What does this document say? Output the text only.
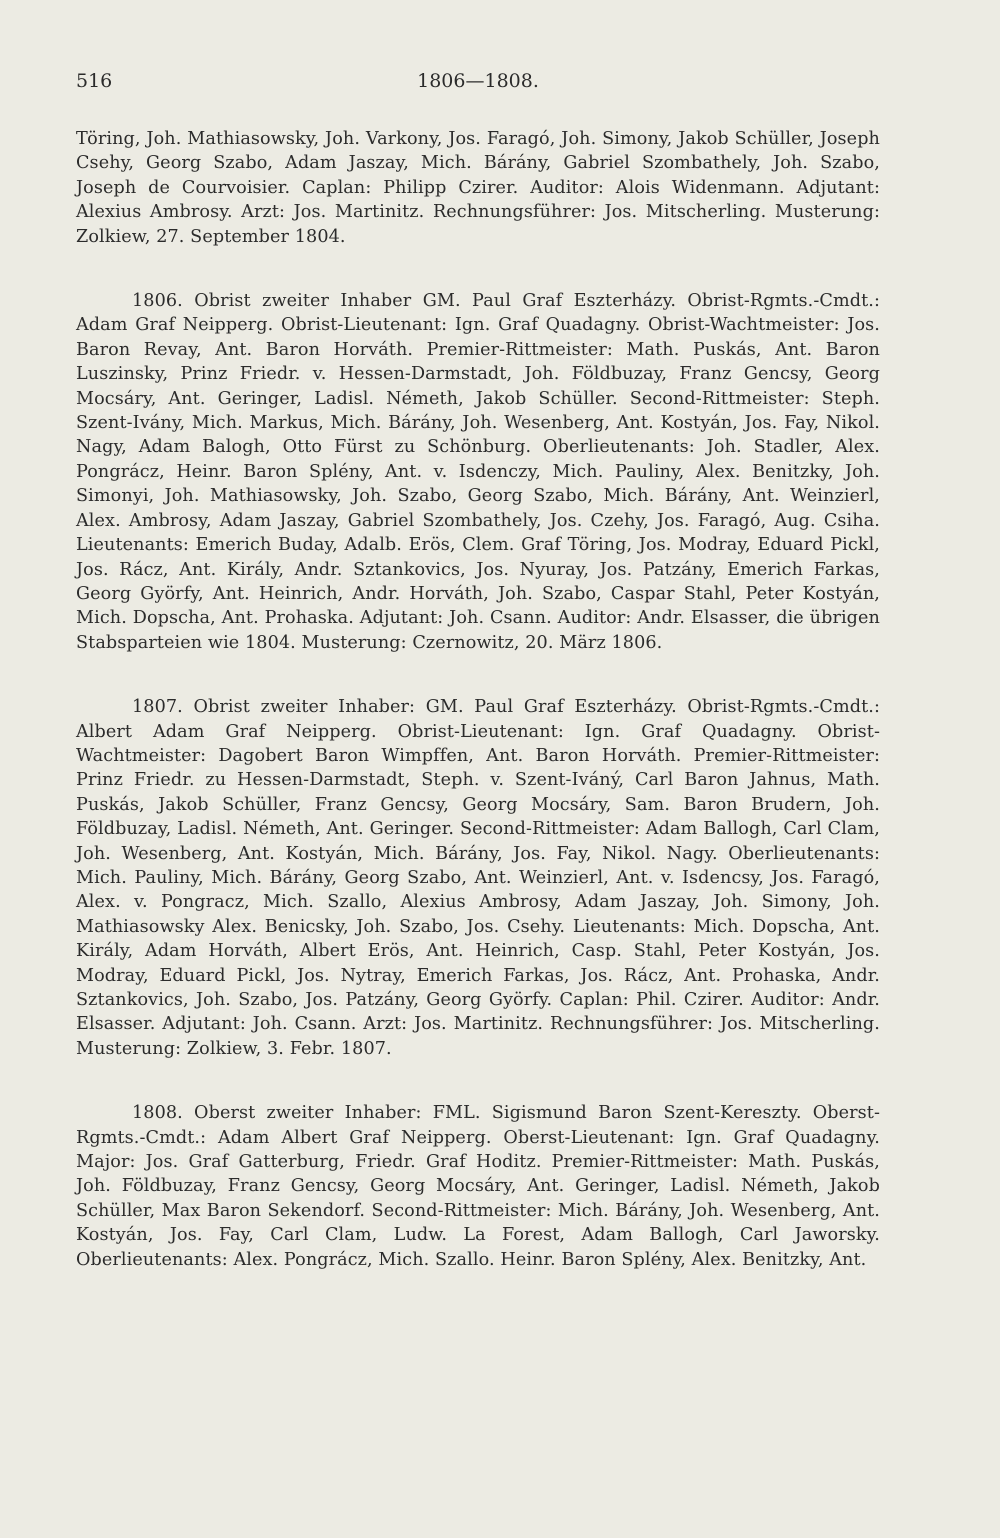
516	1806—1808.

Töring, Joh. Mathiasowsky, Joh. Varkony, Jos. Faragó, Joh. Simony, Jakob Schüller, Joseph Csehy, Georg Szabo, Adam Jaszay, Mich. Bárány, Gabriel Szombathely, Joh. Szabo, Joseph de Courvoisier. Caplan: Philipp Czirer. Auditor: Alois Widenmann. Adjutant: Alexius Ambrosy. Arzt: Jos. Martinitz. Rechnungsführer: Jos. Mitscherling. Musterung: Zolkiew, 27. September 1804.

1806. Obrist zweiter Inhaber GM. Paul Graf Eszterházy. Obrist-Rgmts.-Cmdt.: Adam Graf Neipperg. Obrist-Lieutenant: Ign. Graf Quadagny. Obrist-Wachtmeister: Jos. Baron Revay, Ant. Baron Horváth. Premier-Rittmeister: Math. Puskás, Ant. Baron Luszinsky, Prinz Friedr. v. Hessen-Darmstadt, Joh. Földbuzay, Franz Gencsy, Georg Mocsáry, Ant. Geringer, Ladisl. Németh, Jakob Schüller. Second-Rittmeister: Steph. Szent-Ivány, Mich. Markus, Mich. Bárány, Joh. Wesenberg, Ant. Kostyán, Jos. Fay, Nikol. Nagy, Adam Balogh, Otto Fürst zu Schönburg. Oberlieutenants: Joh. Stadler, Alex. Pongrácz, Heinr. Baron Splény, Ant. v. Isdenczy, Mich. Pauliny, Alex. Benitzky, Joh. Simonyi, Joh. Mathiasowsky, Joh. Szabo, Georg Szabo, Mich. Bárány, Ant. Weinzierl, Alex. Ambrosy, Adam Jaszay, Gabriel Szombathely, Jos. Czehy, Jos. Faragó, Aug. Csiha. Lieutenants: Emerich Buday, Adalb. Erös, Clem. Graf Töring, Jos. Modray, Eduard Pickl, Jos. Rácz, Ant. Király, Andr. Sztankovics, Jos. Nyuray, Jos. Patzány, Emerich Farkas, Georg Györfy, Ant. Heinrich, Andr. Horváth, Joh. Szabo, Caspar Stahl, Peter Kostyán, Mich. Dopscha, Ant. Prohaska. Adjutant: Joh. Csann. Auditor: Andr. Elsasser, die übrigen Stabsparteien wie 1804. Musterung: Czernowitz, 20. März 1806.

1807. Obrist zweiter Inhaber: GM. Paul Graf Eszterházy. Obrist-Rgmts.-Cmdt.: Albert Adam Graf Neipperg. Obrist-Lieutenant: Ign. Graf Quadagny. Obrist-Wachtmeister: Dagobert Baron Wimpffen, Ant. Baron Horváth. Premier-Rittmeister: Prinz Friedr. zu Hessen-Darmstadt, Steph. v. Szent-Iváný, Carl Baron Jahnus, Math. Puskás, Jakob Schüller, Franz Gencsy, Georg Mocsáry, Sam. Baron Brudern, Joh. Földbuzay, Ladisl. Németh, Ant. Geringer. Second-Rittmeister: Adam Ballogh, Carl Clam, Joh. Wesenberg, Ant. Kostyán, Mich. Bárány, Jos. Fay, Nikol. Nagy. Oberlieutenants: Mich. Pauliny, Mich. Bárány, Georg Szabo, Ant. Weinzierl, Ant. v. Isdencsy, Jos. Faragó, Alex. v. Pongracz, Mich. Szallo, Alexius Ambrosy, Adam Jaszay, Joh. Simony, Joh. Mathiasowsky Alex. Benicsky, Joh. Szabo, Jos. Csehy. Lieutenants: Mich. Dopscha, Ant. Király, Adam Horváth, Albert Erös, Ant. Heinrich, Casp. Stahl, Peter Kostyán, Jos. Modray, Eduard Pickl, Jos. Nytray, Emerich Farkas, Jos. Rácz, Ant. Prohaska, Andr. Sztankovics, Joh. Szabo, Jos. Patzány, Georg Györfy. Caplan: Phil. Czirer. Auditor: Andr. Elsasser. Adjutant: Joh. Csann. Arzt: Jos. Martinitz. Rechnungsführer: Jos. Mitscherling. Musterung: Zolkiew, 3. Febr. 1807.

1808. Oberst zweiter Inhaber: FML. Sigismund Baron Szent-Kereszty. Oberst-Rgmts.-Cmdt.: Adam Albert Graf Neipperg. Oberst-Lieutenant: Ign. Graf Quadagny. Major: Jos. Graf Gatterburg, Friedr. Graf Hoditz. Premier-Rittmeister: Math. Puskás, Joh. Földbuzay, Franz Gencsy, Georg Mocsáry, Ant. Geringer, Ladisl. Németh, Jakob Schüller, Max Baron Sekendorf. Second-Rittmeister: Mich. Bárány, Joh. Wesenberg, Ant. Kostyán, Jos. Fay, Carl Clam, Ludw. La Forest, Adam Ballogh, Carl Jaworsky. Oberlieutenants: Alex. Pongrácz, Mich. Szallo. Heinr. Baron Splény, Alex. Benitzky, Ant.
